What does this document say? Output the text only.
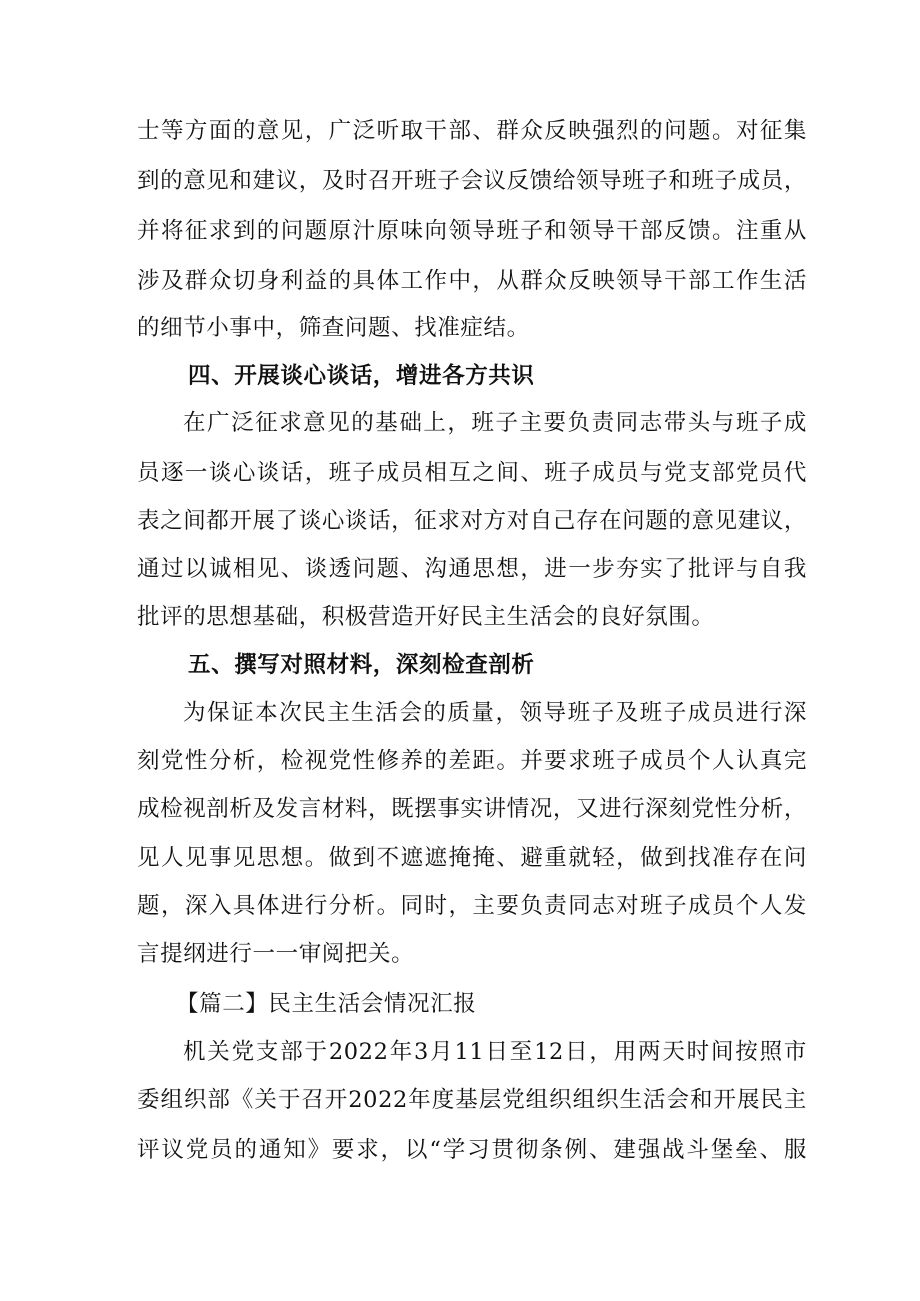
士等方面的意见，广泛听取干部、群众反映强烈的问题。对征集
到的意见和建议，及时召开班子会议反馈给领导班子和班子成员，
并将征求到的问题原汁原味向领导班子和领导干部反馈。注重从
涉及群众切身利益的具体工作中，从群众反映领导干部工作生活
的细节小事中，筛查问题、找准症结。
四、开展谈心谈话，增进各方共识
在广泛征求意见的基础上，班子主要负责同志带头与班子成
员逐一谈心谈话，班子成员相互之间、班子成员与党支部党员代
表之间都开展了谈心谈话，征求对方对自己存在问题的意见建议，
通过以诚相见、谈透问题、沟通思想，进一步夯实了批评与自我
批评的思想基础，积极营造开好民主生活会的良好氛围。
五、撰写对照材料，深刻检查剖析
为保证本次民主生活会的质量，领导班子及班子成员进行深
刻党性分析，检视党性修养的差距。并要求班子成员个人认真完
成检视剖析及发言材料，既摆事实讲情况，又进行深刻党性分析，
见人见事见思想。做到不遮遮掩掩、避重就轻，做到找准存在问
题，深入具体进行分析。同时，主要负责同志对班子成员个人发
言提纲进行一一审阅把关。
【篇二】民主生活会情况汇报
机关党支部于2022年3月11日至12日，用两天时间按照市
委组织部《关于召开2022年度基层党组织组织生活会和开展民主
评议党员的通知》要求，以“学习贯彻条例、建强战斗堡垒、服
